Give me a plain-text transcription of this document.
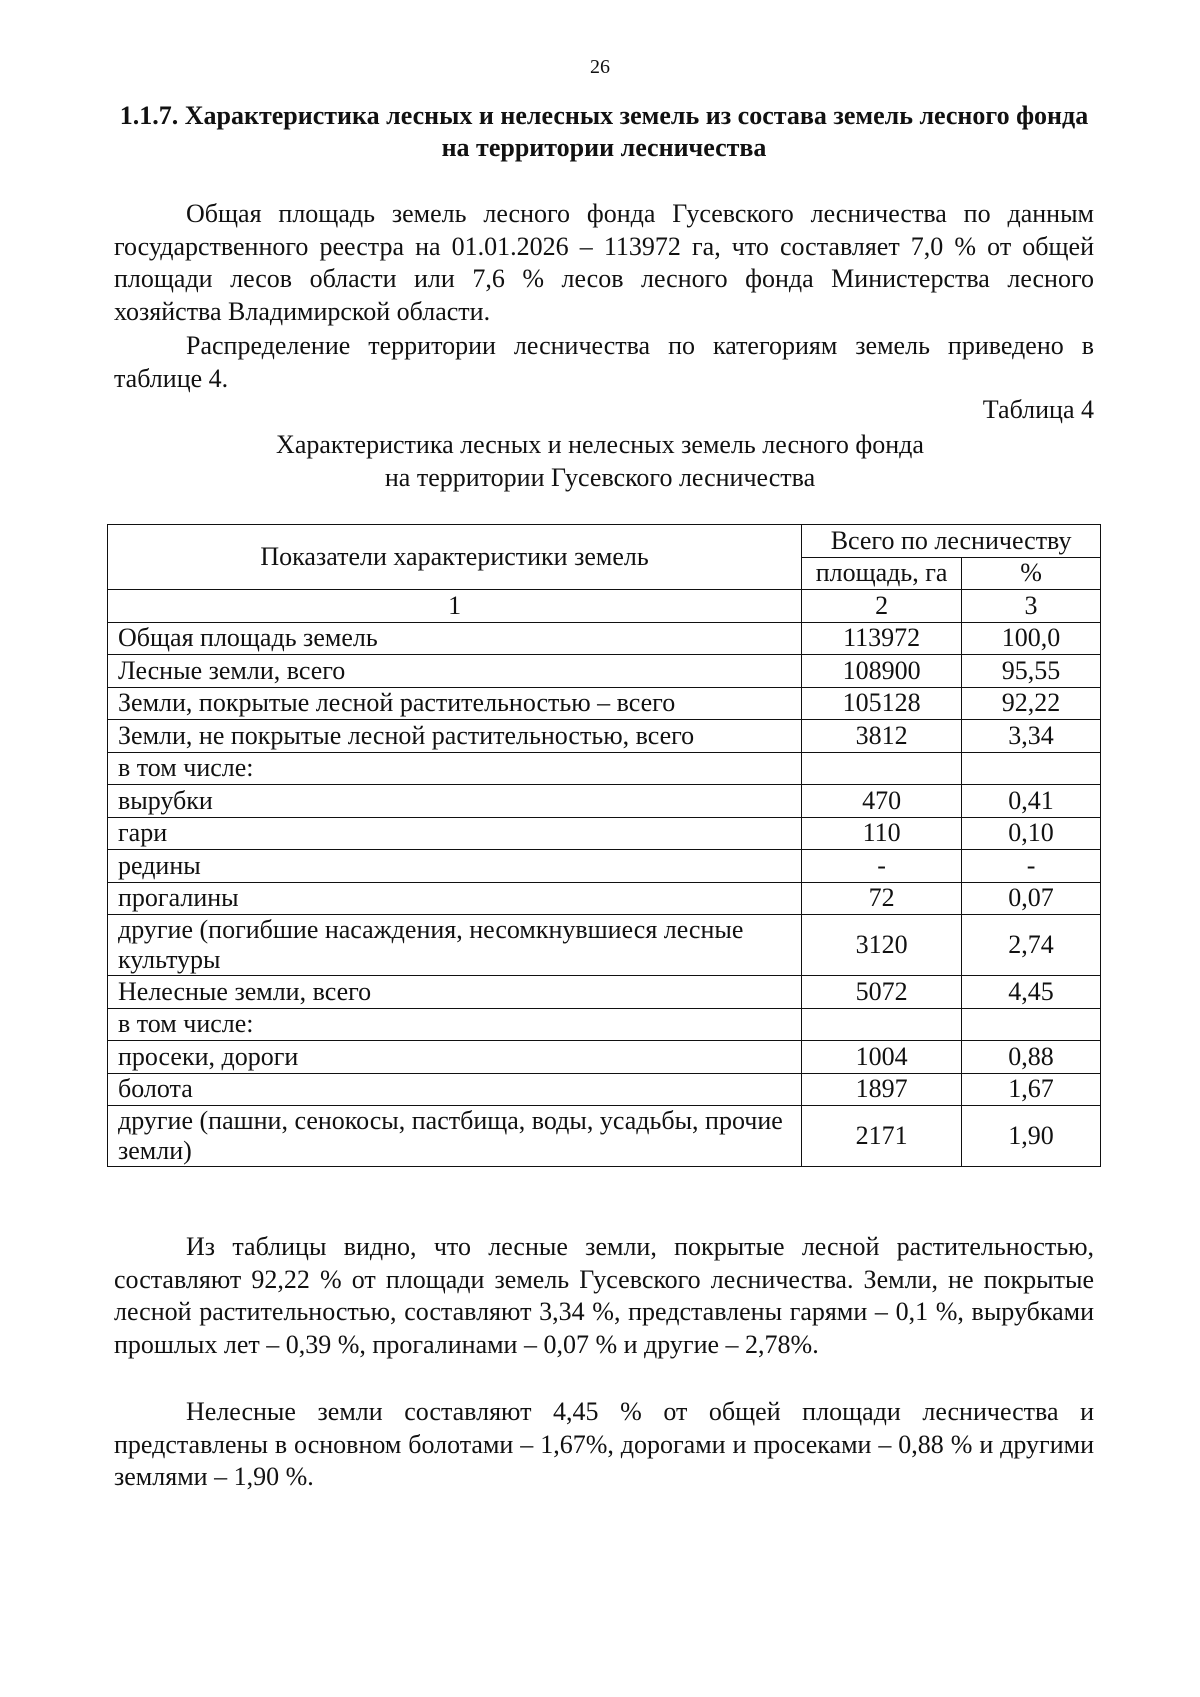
26
1.1.7. Характеристика лесных и нелесных земель из состава земель лесного фонда на территории лесничества

Общая площадь земель лесного фонда Гусевского лесничества по данным государственного реестра на 01.01.2026 – 113972 га, что составляет 7,0 % от общей площади лесов области или 7,6 % лесов лесного фонда Министерства лесного хозяйства Владимирской области.

Распределение территории лесничества по категориям земель приведено в таблице 4.

Таблица 4
Характеристика лесных и нелесных земель лесного фонда
на территории Гусевского лесничества
Показатели характеристики земель	Всего по лесничеству	
	площадь, га	%
1	2	3
Общая площадь земель	113972	100,0
Лесные земли, всего	108900	95,55
Земли, покрытые лесной растительностью – всего	105128	92,22
Земли, не покрытые лесной растительностью, всего	3812	3,34
в том числе:		
вырубки	470	0,41
гари	110	0,10
редины	-	-
прогалины	72	0,07
другие (погибшие насаждения, несомкнувшиеся лесные культуры	3120	2,74
Нелесные земли, всего	5072	4,45
в том числе:		
просеки, дороги	1004	0,88
болота	1897	1,67
другие (пашни, сенокосы, пастбища, воды, усадьбы, прочие земли)	2171	1,90

Из таблицы видно, что лесные земли, покрытые лесной растительностью, составляют 92,22 % от площади земель Гусевского лесничества. Земли, не покрытые лесной растительностью, составляют 3,34 %, представлены гарями – 0,1 %, вырубками прошлых лет – 0,39 %, прогалинами – 0,07 % и другие – 2,78%.

Нелесные земли составляют 4,45 % от общей площади лесничества и представлены в основном болотами – 1,67%, дорогами и просеками – 0,88 % и другими землями – 1,90 %.
